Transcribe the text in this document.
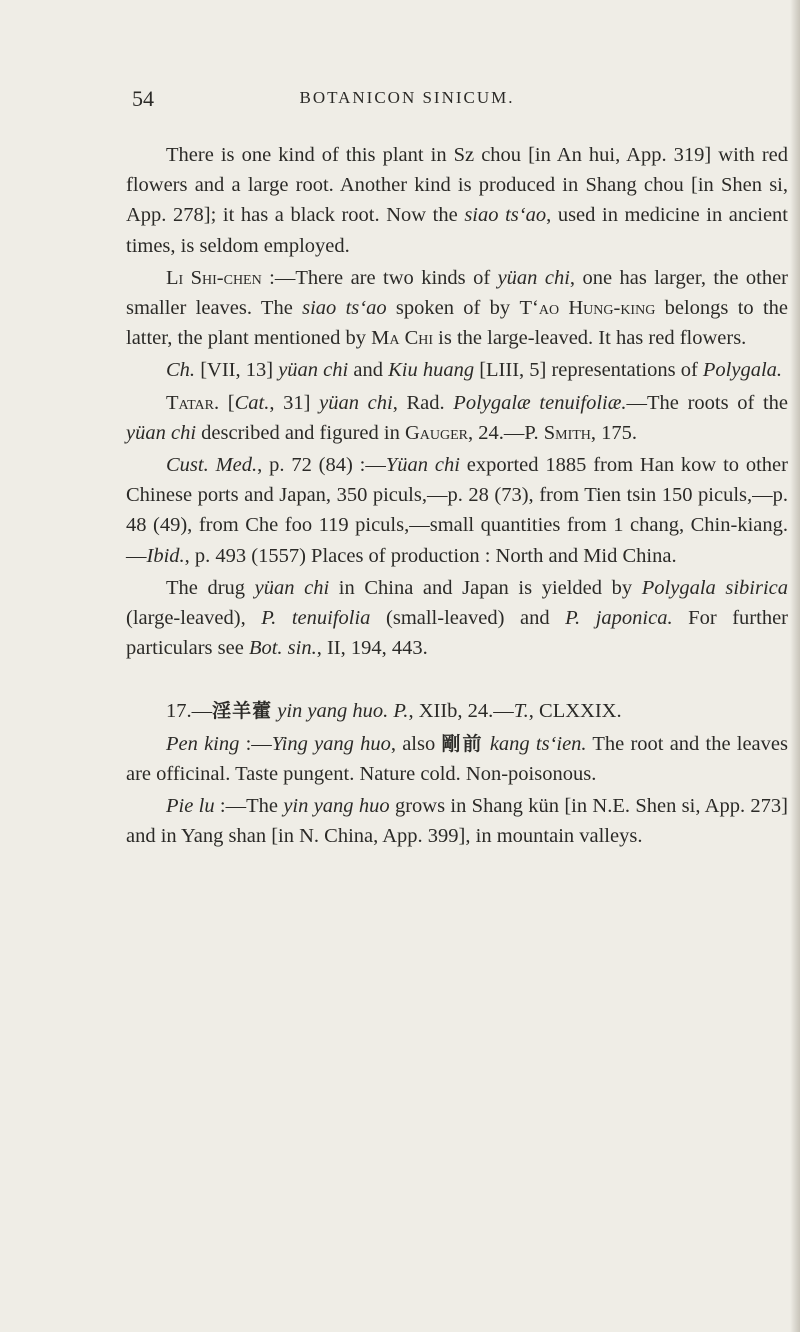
54	BOTANICON SINICUM.

There is one kind of this plant in Sz chou [in An hui, App. 319] with red flowers and a large root. Another kind is produced in Shang chou [in Shen si, App. 278]; it has a black root. Now the siao ts‘ao, used in medicine in ancient times, is seldom employed.

Li Shi-chen :—There are two kinds of yüan chi, one has larger, the other smaller leaves. The siao ts‘ao spoken of by T‘ao Hung-king belongs to the latter, the plant mentioned by Ma Chi is the large-leaved. It has red flowers.

Ch. [VII, 13] yüan chi and Kiu huang [LIII, 5] representations of Polygala.

Tatar. [Cat., 31] yüan chi, Rad. Polygalæ tenuifoliæ.—The roots of the yüan chi described and figured in Gauger, 24.—P. Smith, 175.

Cust. Med., p. 72 (84) :—Yüan chi exported 1885 from Han kow to other Chinese ports and Japan, 350 piculs,—p. 28 (73), from Tien tsin 150 piculs,—p. 48 (49), from Che foo 119 piculs,—small quantities from 1 chang, Chin-kiang.—Ibid., p. 493 (1557) Places of production : North and Mid China.

The drug yüan chi in China and Japan is yielded by Polygala sibirica (large-leaved), P. tenuifolia (small-leaved) and P. japonica. For further particulars see Bot. sin., II, 194, 443.

17.—淫羊藿 yin yang huo. P., XIIb, 24.—T., CLXXIX.

Pen king :—Ying yang huo, also 剛前 kang ts‘ien. The root and the leaves are officinal. Taste pungent. Nature cold. Non-poisonous.

Pie lu :—The yin yang huo grows in Shang kün [in N.E. Shen si, App. 273] and in Yang shan [in N. China, App. 399], in mountain valleys.
